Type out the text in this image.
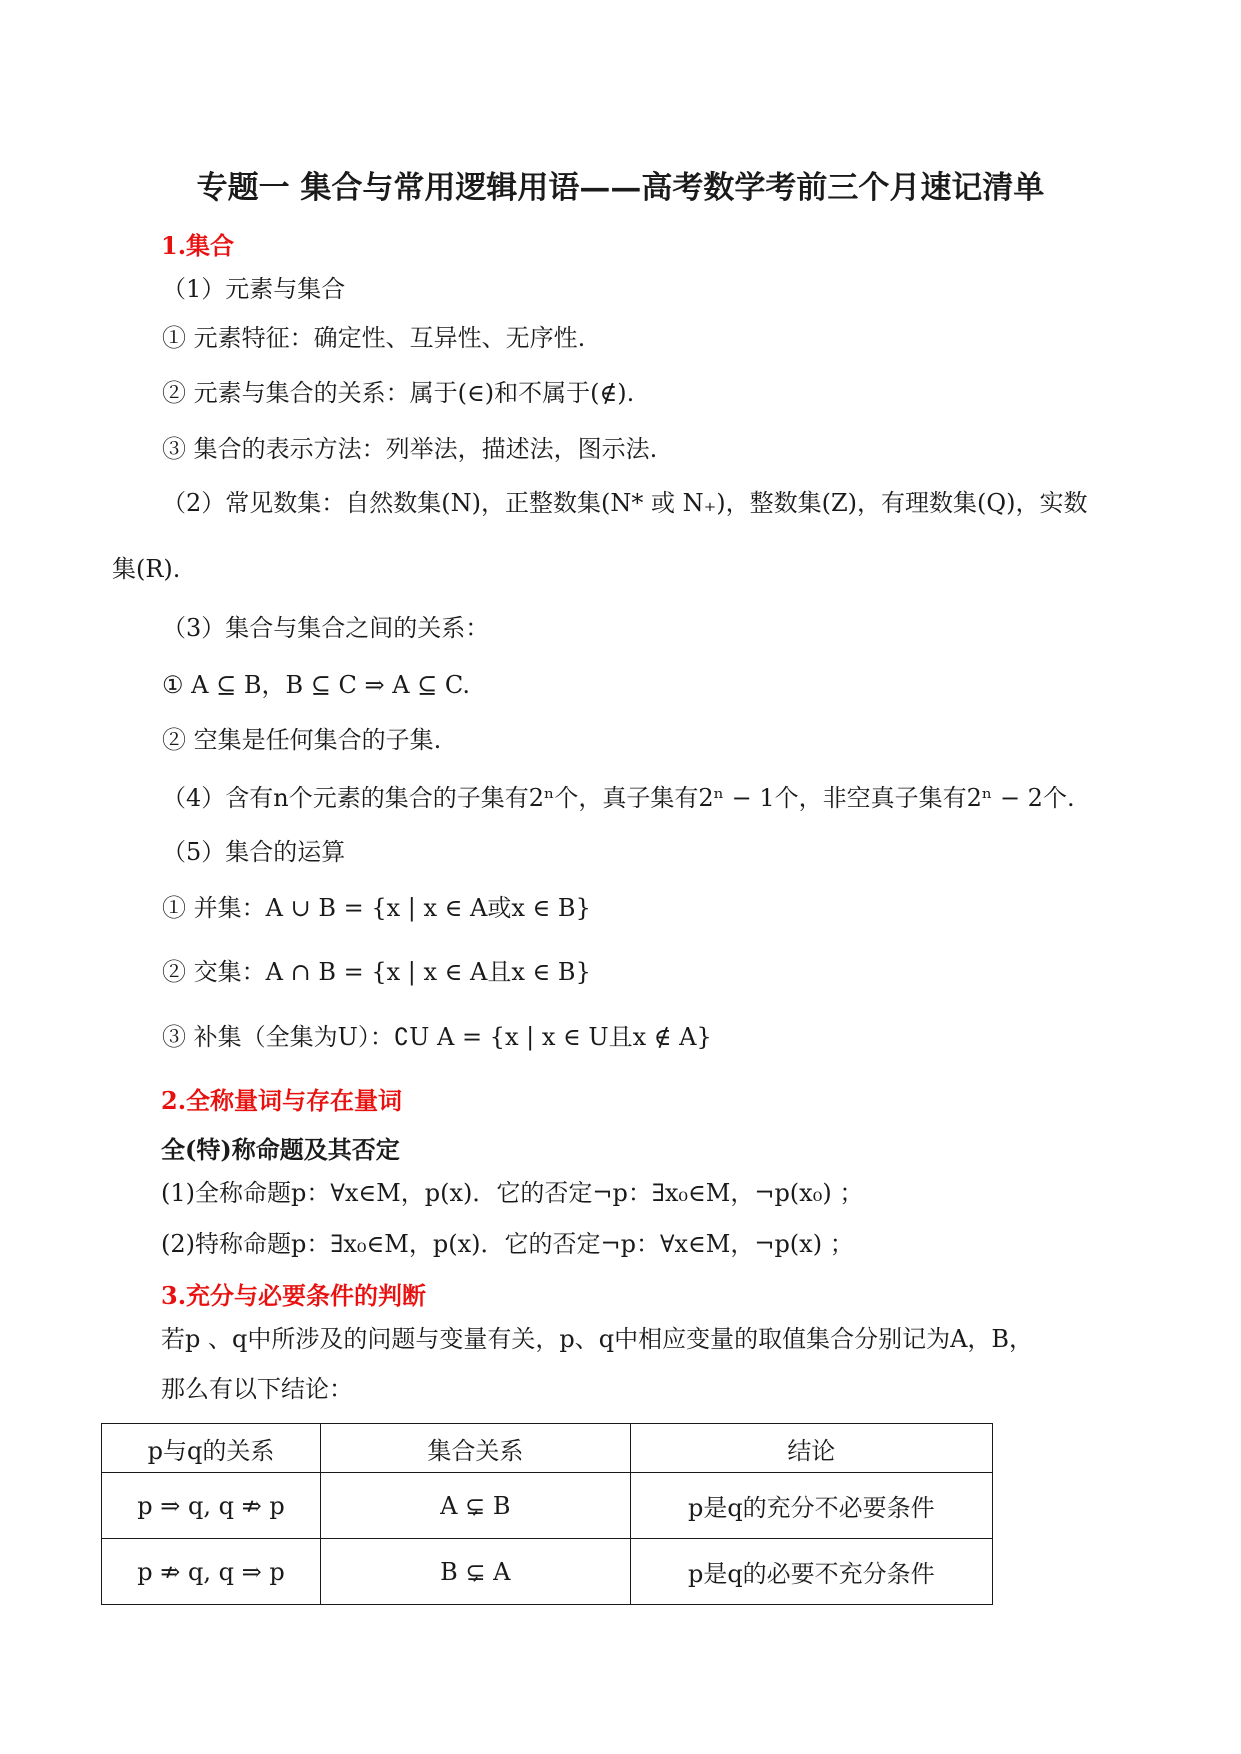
专题一 集合与常用逻辑用语——高考数学考前三个月速记清单
1.集合
（1）元素与集合
① 元素特征：确定性、互异性、无序性.
② 元素与集合的关系：属于(∈)和不属于(∉).
③ 集合的表示方法：列举法，描述法，图示法.
（2）常见数集：自然数集(N)，正整数集(N* 或 N₊)，整数集(Z)，有理数集(Q)，实数
集(R).
（3）集合与集合之间的关系：
① A ⊆ B，B ⊆ C ⇒ A ⊆ C.
② 空集是任何集合的子集.
（4）含有n个元素的集合的子集有2ⁿ个，真子集有2ⁿ − 1个，非空真子集有2ⁿ − 2个.
（5）集合的运算
① 并集：A ∪ B = {x | x ∈ A或x ∈ B}
② 交集：A ∩ B = {x | x ∈ A且x ∈ B}
③ 补集（全集为U）：∁U A = {x | x ∈ U且x ∉ A}
2.全称量词与存在量词
全(特)称命题及其否定
(1)全称命题p：∀x∈M，p(x)．它的否定¬p：∃x₀∈M，¬p(x₀) ；
(2)特称命题p：∃x₀∈M，p(x)．它的否定¬p：∀x∈M，¬p(x) ；
3.充分与必要条件的判断
若p 、q中所涉及的问题与变量有关，p、q中相应变量的取值集合分别记为A，B，
那么有以下结论：
p与q的关系	集合关系	结论
p ⇒ q, q ⇏ p	A ⊊ B	p是q的充分不必要条件
p ⇏ q, q ⇒ p	B ⊊ A	p是q的必要不充分条件
